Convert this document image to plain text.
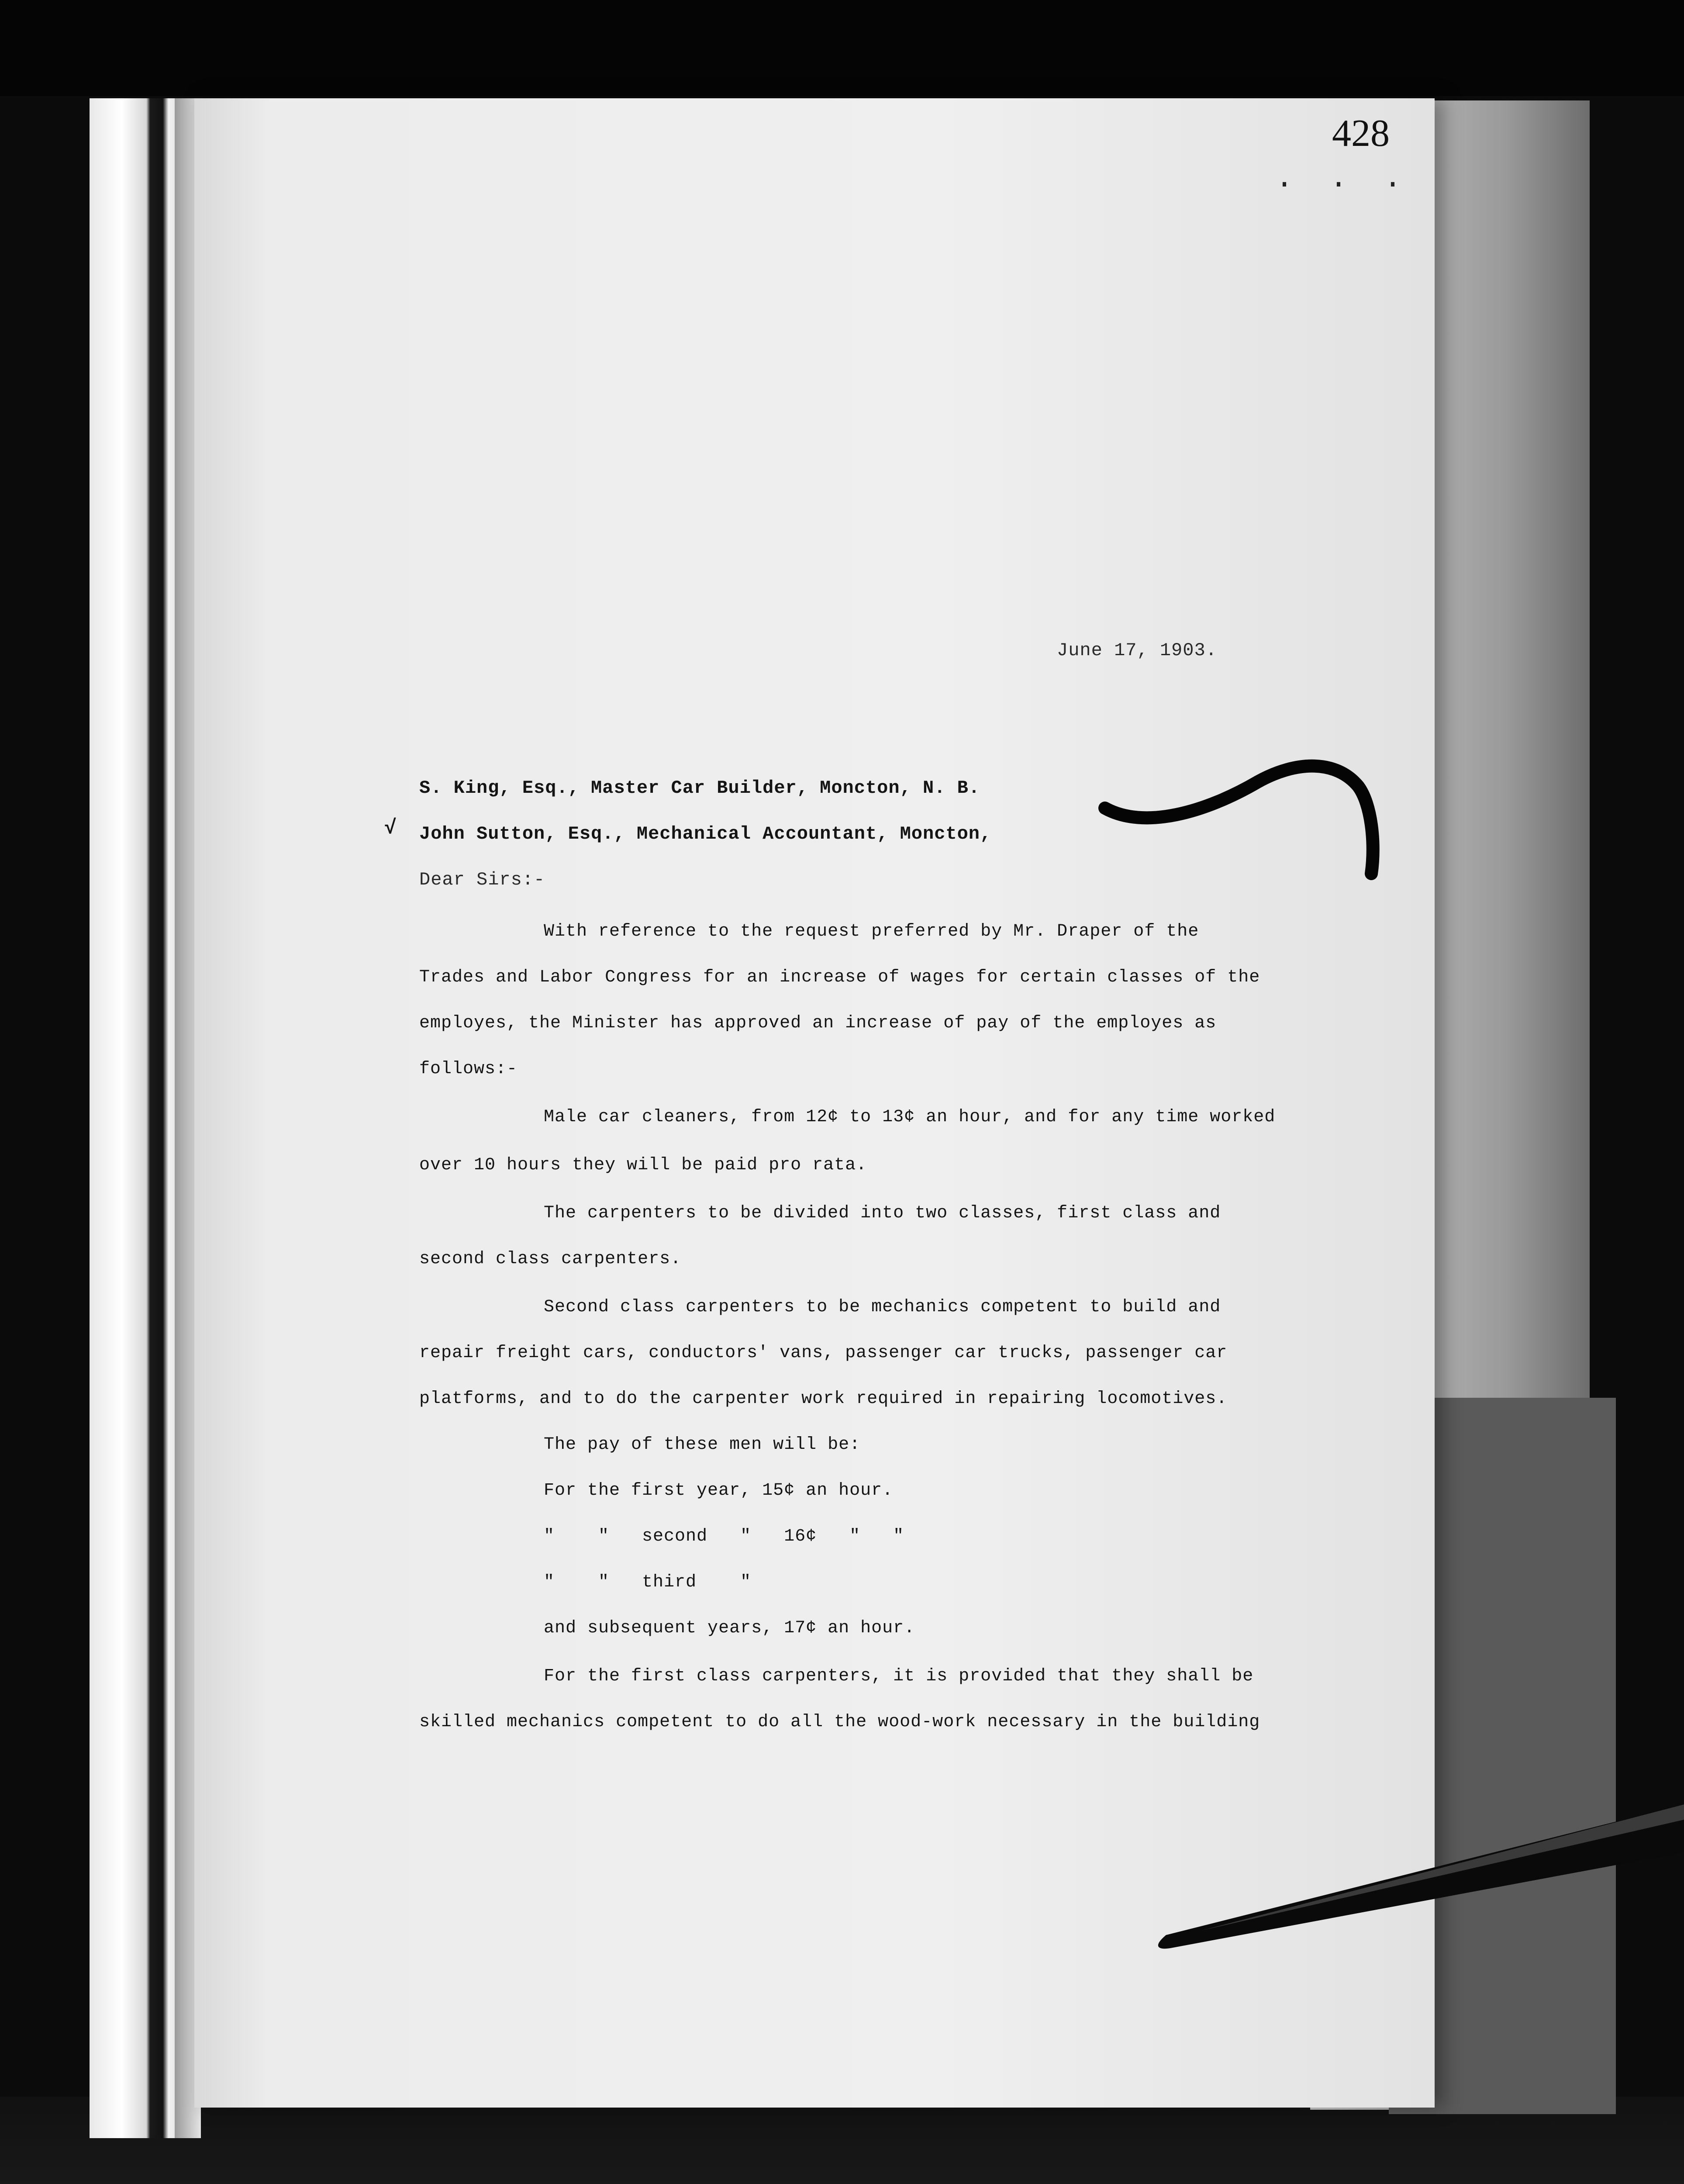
428
. . .
June 17, 1903.
S. King, Esq., Master Car Builder, Moncton, N. B.
√ John Sutton, Esq., Mechanical Accountant, Moncton,
Dear Sirs:-
With reference to the request preferred by Mr. Draper of the
Trades and Labor Congress for an increase of wages for certain classes of the
employes, the Minister has approved an increase of pay of the employes as
follows:-
Male car cleaners, from 12¢ to 13¢ an hour, and for any time worked
over 10 hours they will be paid pro rata.
The carpenters to be divided into two classes, first class and
second class carpenters.
Second class carpenters to be mechanics competent to build and
repair freight cars, conductors' vans, passenger car trucks, passenger car
platforms, and to do the carpenter work required in repairing locomotives.
The pay of these men will be:
For the first year, 15¢ an hour.
"    "   second   "   16¢   "   "
"    "   third    "
and subsequent years, 17¢ an hour.
For the first class carpenters, it is provided that they shall be
skilled mechanics competent to do all the wood-work necessary in the building
